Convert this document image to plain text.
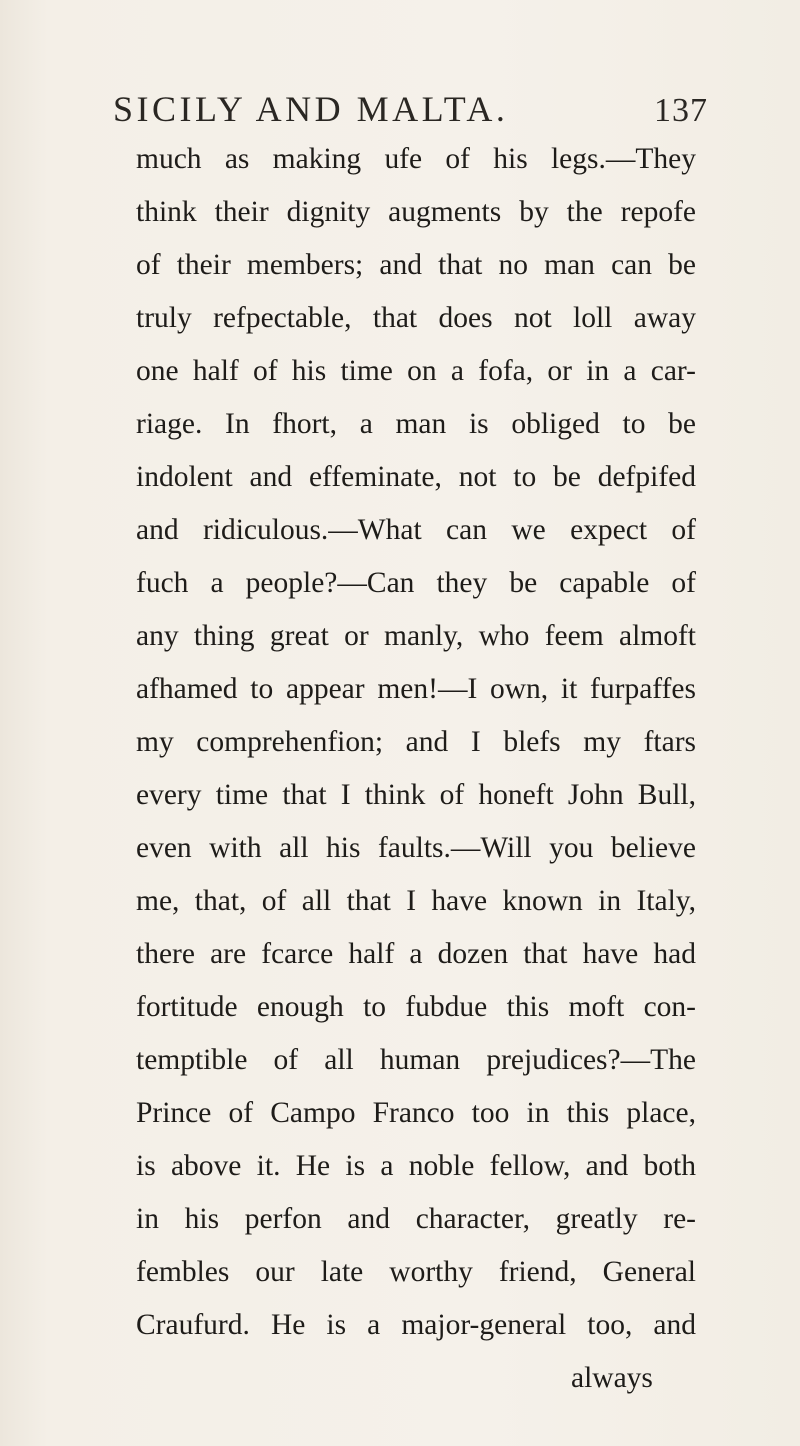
SICILY AND MALTA.	137
much as making ufe of his legs.—They
think their dignity augments by the repofe
of their members; and that no man can be
truly refpectable, that does not loll away
one half of his time on a fofa, or in a car-
riage. In fhort, a man is obliged to be
indolent and effeminate, not to be defpifed
and ridiculous.—What can we expect of
fuch a people?—Can they be capable of
any thing great or manly, who feem almoft
afhamed to appear men!—I own, it furpaffes
my comprehenfion; and I blefs my ftars
every time that I think of honeft John Bull,
even with all his faults.—Will you believe
me, that, of all that I have known in Italy,
there are fcarce half a dozen that have had
fortitude enough to fubdue this moft con-
temptible of all human prejudices?—The
Prince of Campo Franco too in this place,
is above it. He is a noble fellow, and both
in his perfon and character, greatly re-
fembles our late worthy friend, General
Craufurd. He is a major-general too, and
always
